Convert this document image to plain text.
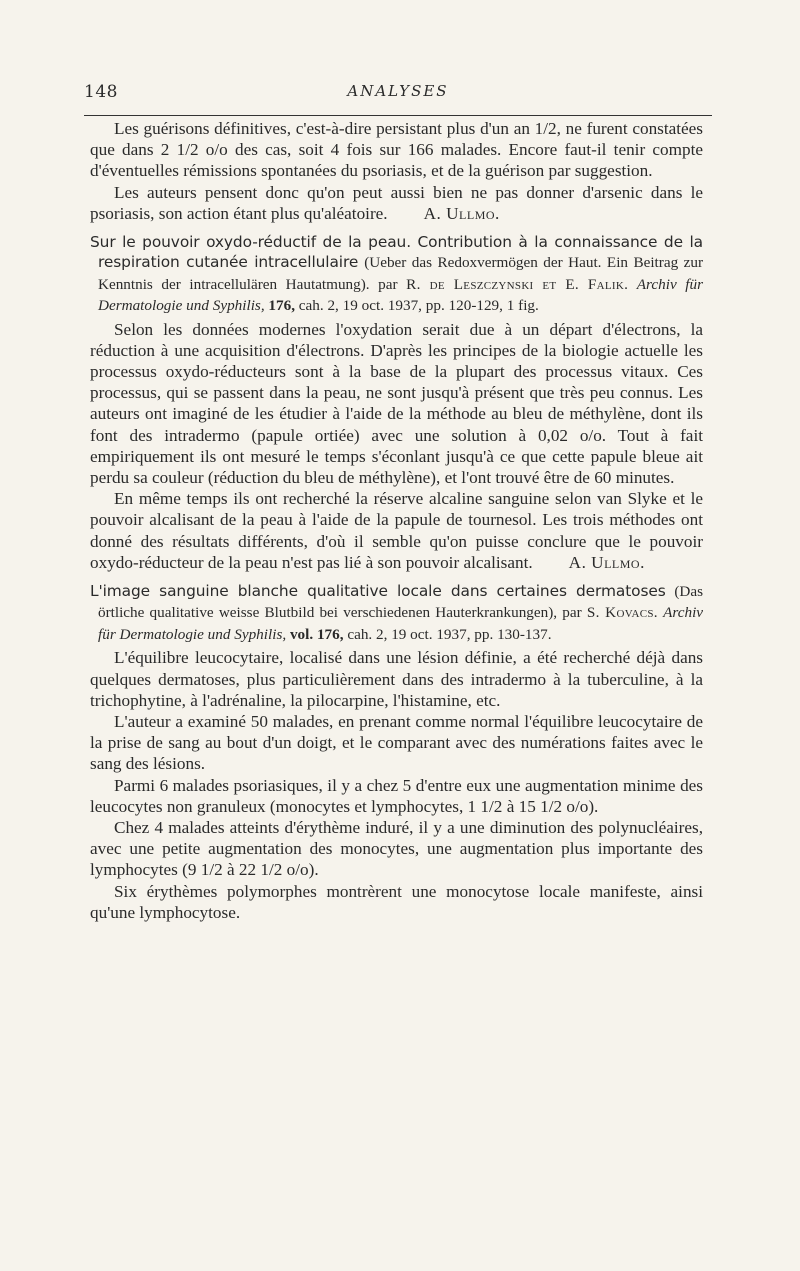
148	ANALYSES

Les guérisons définitives, c'est-à-dire persistant plus d'un an 1/2, ne furent constatées que dans 2 1/2 o/o des cas, soit 4 fois sur 166 malades. Encore faut-il tenir compte d'éventuelles rémissions spontanées du psoriasis, et de la guérison par suggestion.

Les auteurs pensent donc qu'on peut aussi bien ne pas donner d'arsenic dans le psoriasis, son action étant plus qu'aléatoire. A. Ullmo.

Sur le pouvoir oxydo-réductif de la peau. Contribution à la connaissance de la respiration cutanée intracellulaire (Ueber das Redoxvermögen der Haut. Ein Beitrag zur Kenntnis der intracellulären Hautatmung). par R. de Leszczynski et E. Falik. Archiv für Dermatologie und Syphilis, 176, cah. 2, 19 oct. 1937, pp. 120-129, 1 fig.

Selon les données modernes l'oxydation serait due à un départ d'électrons, la réduction à une acquisition d'électrons. D'après les principes de la biologie actuelle les processus oxydo-réducteurs sont à la base de la plupart des processus vitaux. Ces processus, qui se passent dans la peau, ne sont jusqu'à présent que très peu connus. Les auteurs ont imaginé de les étudier à l'aide de la méthode au bleu de méthylène, dont ils font des intradermo (papule ortiée) avec une solution à 0,02 o/o. Tout à fait empiriquement ils ont mesuré le temps s'éconlant jusqu'à ce que cette papule bleue ait perdu sa couleur (réduction du bleu de méthylène), et l'ont trouvé être de 60 minutes.

En même temps ils ont recherché la réserve alcaline sanguine selon van Slyke et le pouvoir alcalisant de la peau à l'aide de la papule de tournesol. Les trois méthodes ont donné des résultats différents, d'où il semble qu'on puisse conclure que le pouvoir oxydo-réducteur de la peau n'est pas lié à son pouvoir alcalisant. A. Ullmo.

L'image sanguine blanche qualitative locale dans certaines dermatoses (Das örtliche qualitative weisse Blutbild bei verschiedenen Hauterkrankungen), par S. Kovacs. Archiv für Dermatologie und Syphilis, vol. 176, cah. 2, 19 oct. 1937, pp. 130-137.

L'équilibre leucocytaire, localisé dans une lésion définie, a été recherché déjà dans quelques dermatoses, plus particulièrement dans des intradermo à la tuberculine, à la trichophytine, à l'adrénaline, la pilocarpine, l'histamine, etc.

L'auteur a examiné 50 malades, en prenant comme normal l'équilibre leucocytaire de la prise de sang au bout d'un doigt, et le comparant avec des numérations faites avec le sang des lésions.

Parmi 6 malades psoriasiques, il y a chez 5 d'entre eux une augmentation minime des leucocytes non granuleux (monocytes et lymphocytes, 1 1/2 à 15 1/2 o/o).

Chez 4 malades atteints d'érythème induré, il y a une diminution des polynucléaires, avec une petite augmentation des monocytes, une augmentation plus importante des lymphocytes (9 1/2 à 22 1/2 o/o).

Six érythèmes polymorphes montrèrent une monocytose locale manifeste, ainsi qu'une lymphocytose.
